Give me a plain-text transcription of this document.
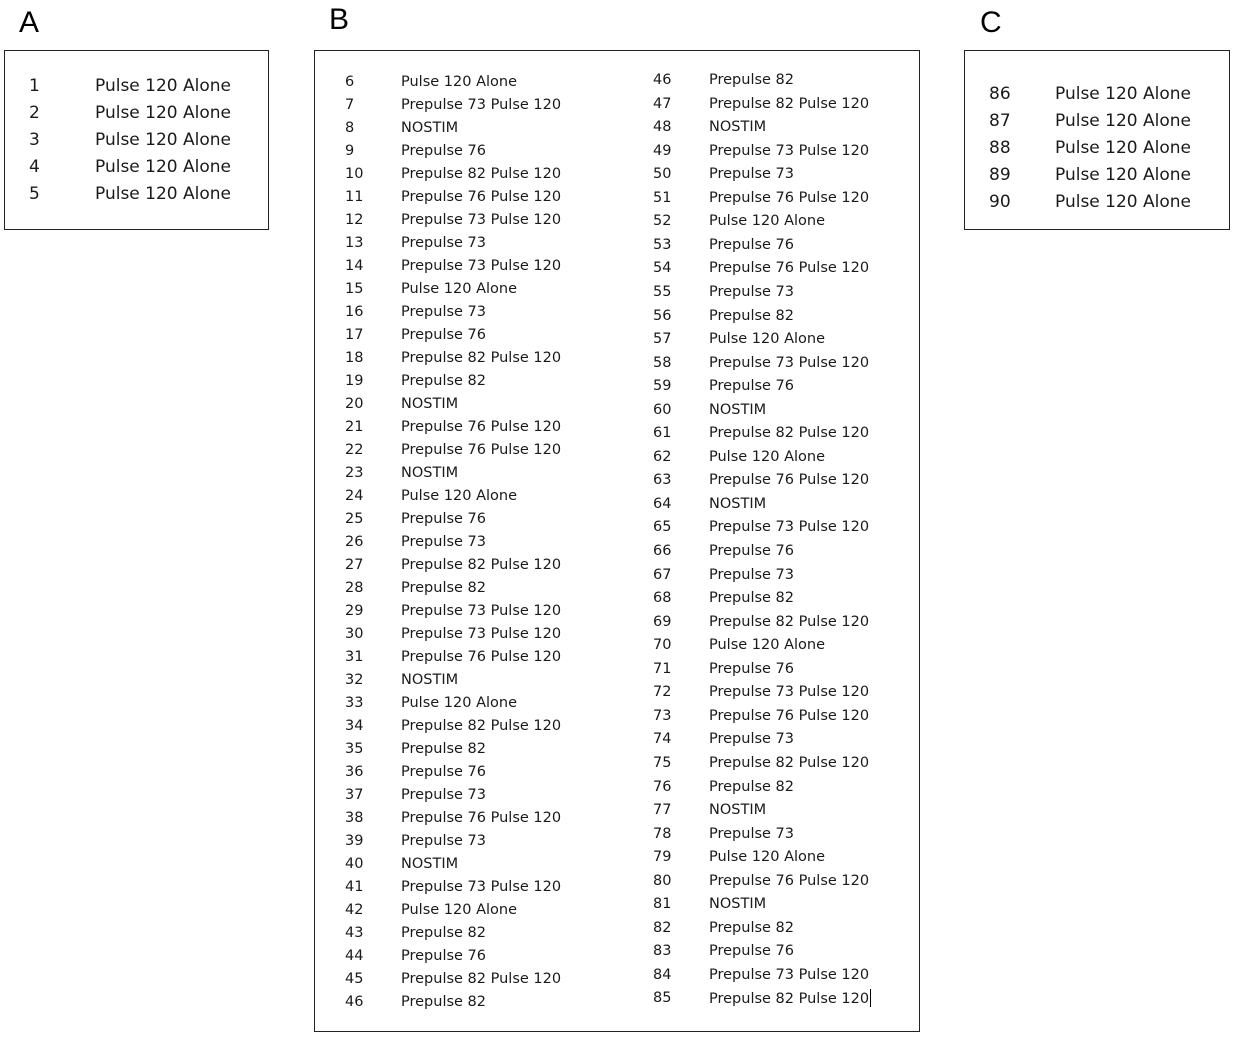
A	B	C
1	Pulse 120 Alone
2	Pulse 120 Alone
3	Pulse 120 Alone
4	Pulse 120 Alone
5	Pulse 120 Alone
6	Pulse 120 Alone
7	Prepulse 73 Pulse 120
8	NOSTIM
9	Prepulse 76
10	Prepulse 82 Pulse 120
11	Prepulse 76 Pulse 120
12	Prepulse 73 Pulse 120
13	Prepulse 73
14	Prepulse 73 Pulse 120
15	Pulse 120 Alone
16	Prepulse 73
17	Prepulse 76
18	Prepulse 82 Pulse 120
19	Prepulse 82
20	NOSTIM
21	Prepulse 76 Pulse 120
22	Prepulse 76 Pulse 120
23	NOSTIM
24	Pulse 120 Alone
25	Prepulse 76
26	Prepulse 73
27	Prepulse 82 Pulse 120
28	Prepulse 82
29	Prepulse 73 Pulse 120
30	Prepulse 73 Pulse 120
31	Prepulse 76 Pulse 120
32	NOSTIM
33	Pulse 120 Alone
34	Prepulse 82 Pulse 120
35	Prepulse 82
36	Prepulse 76
37	Prepulse 73
38	Prepulse 76 Pulse 120
39	Prepulse 73
40	NOSTIM
41	Prepulse 73 Pulse 120
42	Pulse 120 Alone
43	Prepulse 82
44	Prepulse 76
45	Prepulse 82 Pulse 120
46	Prepulse 82
46	Prepulse 82
47	Prepulse 82 Pulse 120
48	NOSTIM
49	Prepulse 73 Pulse 120
50	Prepulse 73
51	Prepulse 76 Pulse 120
52	Pulse 120 Alone
53	Prepulse 76
54	Prepulse 76 Pulse 120
55	Prepulse 73
56	Prepulse 82
57	Pulse 120 Alone
58	Prepulse 73 Pulse 120
59	Prepulse 76
60	NOSTIM
61	Prepulse 82 Pulse 120
62	Pulse 120 Alone
63	Prepulse 76 Pulse 120
64	NOSTIM
65	Prepulse 73 Pulse 120
66	Prepulse 76
67	Prepulse 73
68	Prepulse 82
69	Prepulse 82 Pulse 120
70	Pulse 120 Alone
71	Prepulse 76
72	Prepulse 73 Pulse 120
73	Prepulse 76 Pulse 120
74	Prepulse 73
75	Prepulse 82 Pulse 120
76	Prepulse 82
77	NOSTIM
78	Prepulse 73
79	Pulse 120 Alone
80	Prepulse 76 Pulse 120
81	NOSTIM
82	Prepulse 82
83	Prepulse 76
84	Prepulse 73 Pulse 120
85	Prepulse 82 Pulse 120
86	Pulse 120 Alone
87	Pulse 120 Alone
88	Pulse 120 Alone
89	Pulse 120 Alone
90	Pulse 120 Alone
